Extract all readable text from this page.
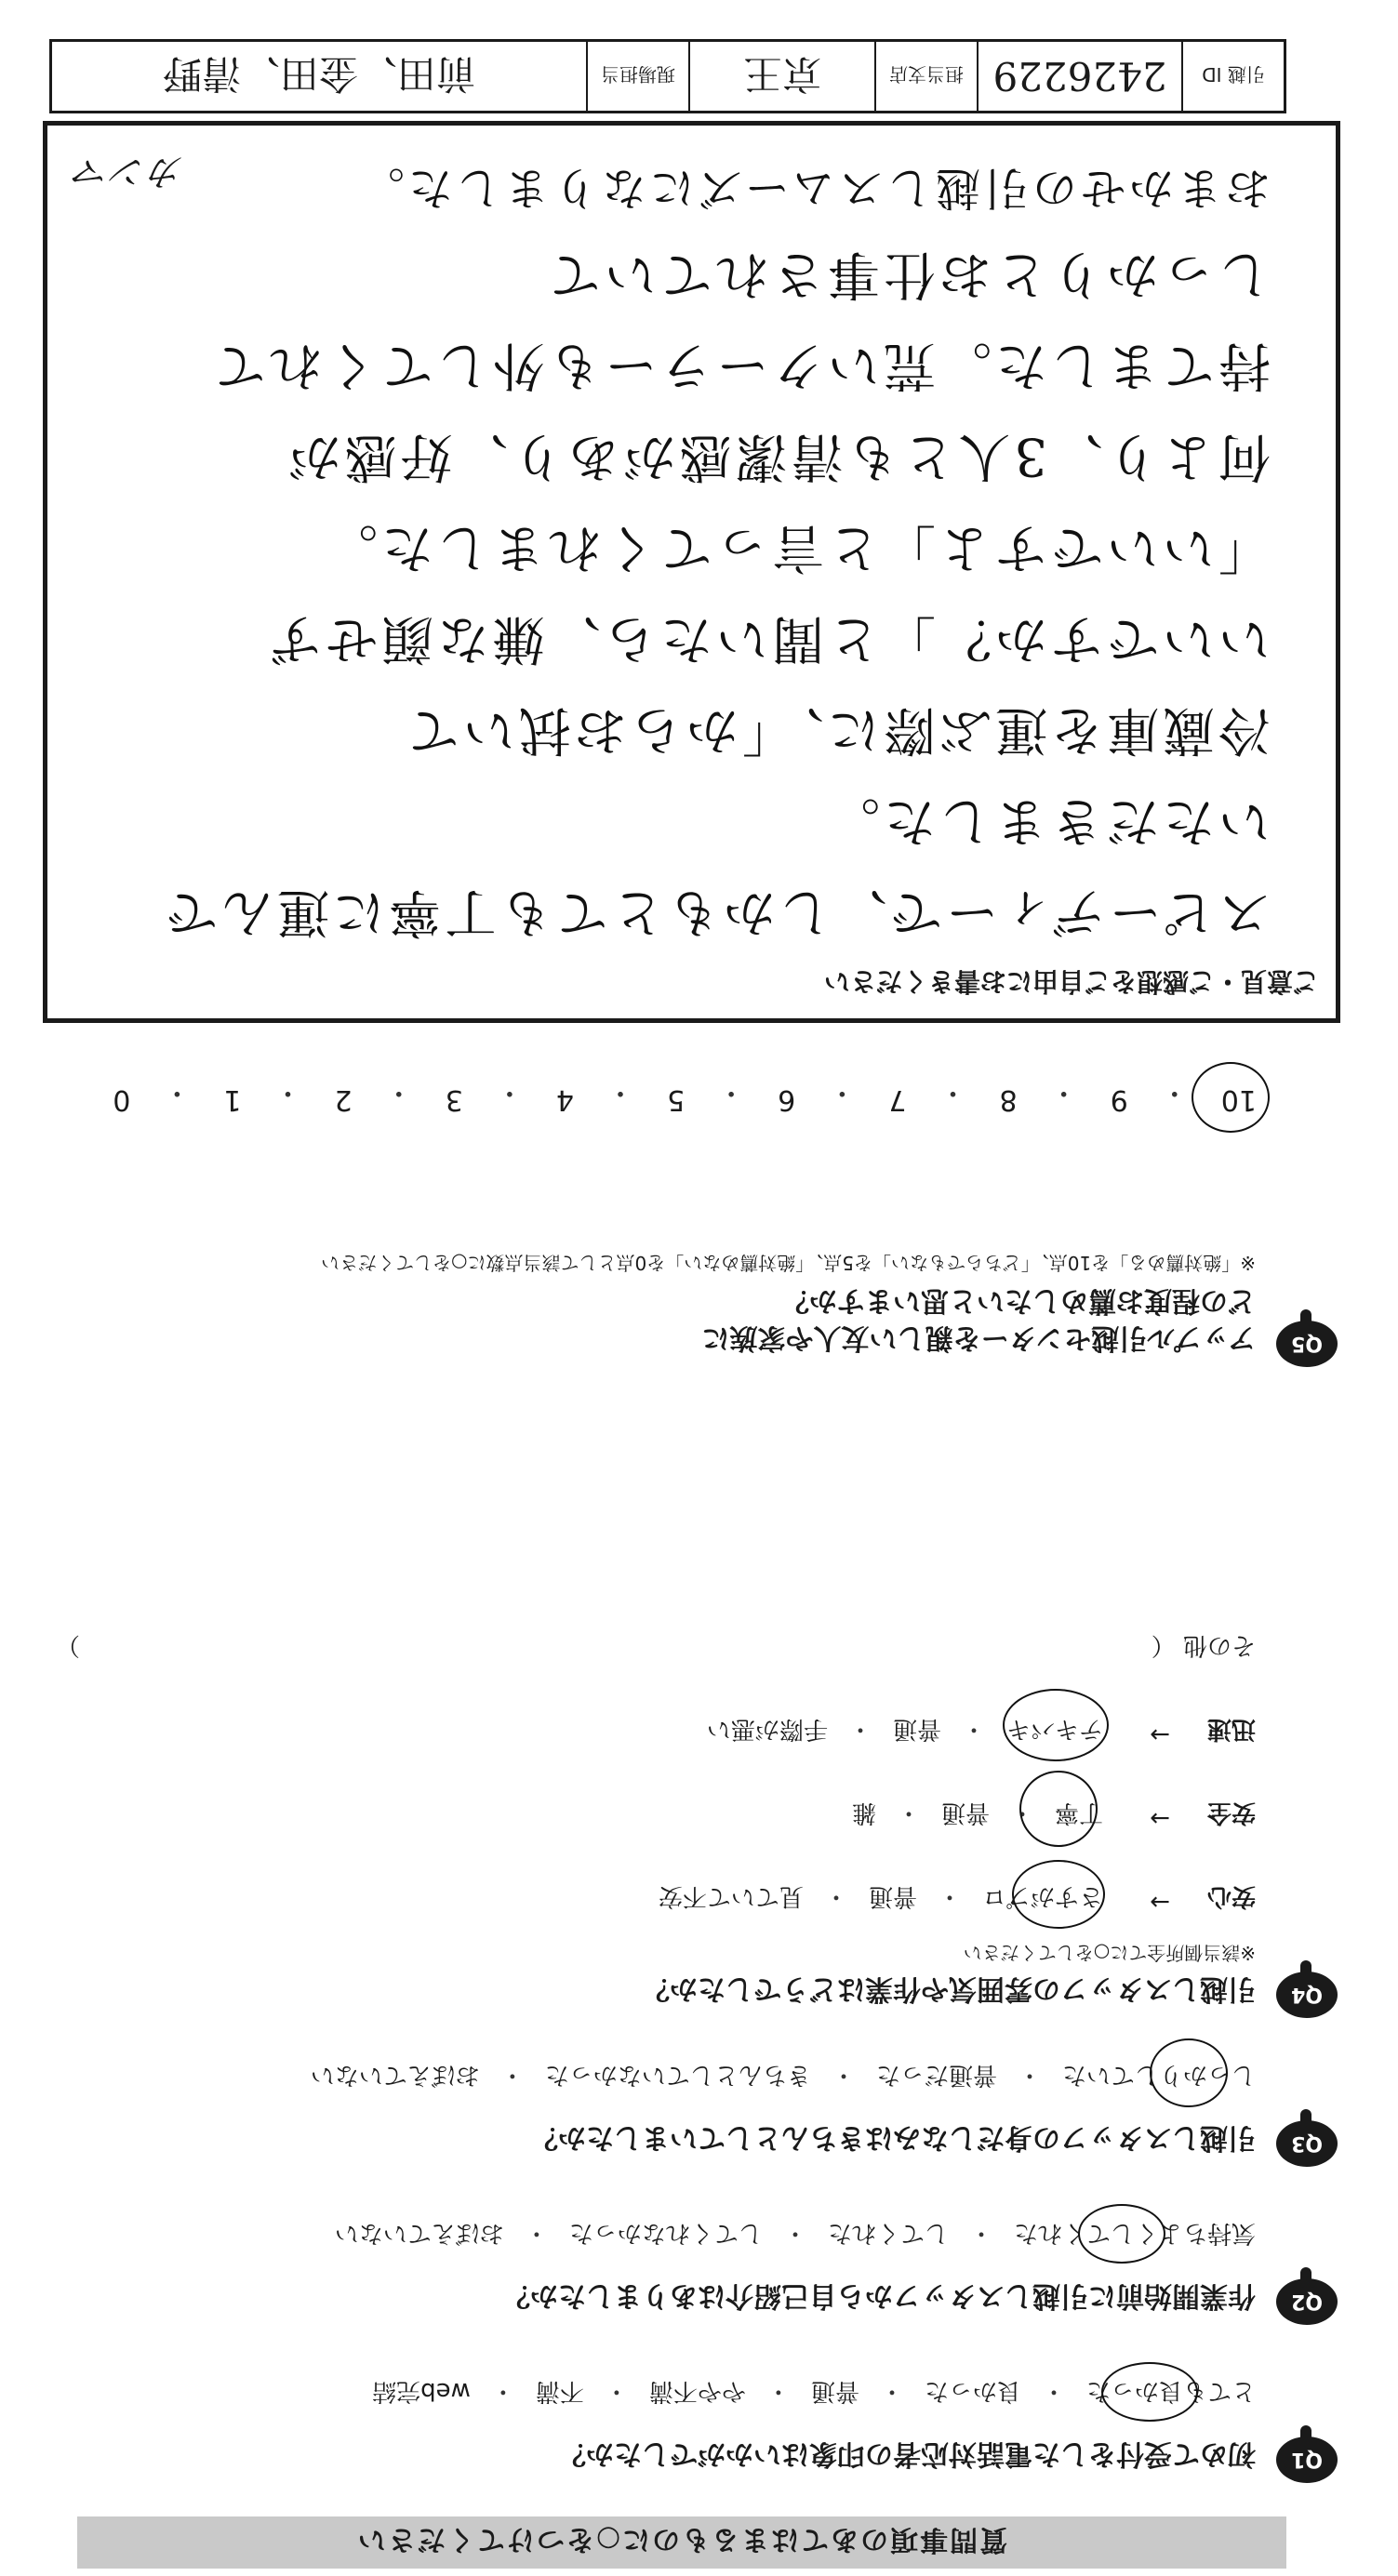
質問事項のあてはまるものに○をつけてください
Q1
初めて受付をした電話対応者の印象はいかがでしたか？
とても良かった
・
良かった
・
普通
・
やや不満
・
不満
・
web完結
Q2
作業開始前に引越しスタッフから自己紹介はありましたか？
気持ちよくしてくれた
・
してくれた
・
してくれなかった
・
おぼえていない
Q3
引越しスタッフの身だしなみはきちんとしていましたか？
しっかりしていた
・
普通だった
・
きちんとしていなかった
・
おぼえていない
Q4
引越しスタッフの雰囲気や作業はどうでしたか？
※該当個所全てに○をしてください
安心
→
さすがプロ
・
普通
・
見ていて不安
安全
→
丁寧
・
普通
・
雑
迅速
→
テキパキ
・
普通
・
手際が悪い
その他 （
）
Q5
アップル引越センターを親しい友人や家族に
どの程度お薦めしたいと思いますか？
※「絶対薦める」を10点、「どちらでもない」を5点、「絶対薦めない」を0点として該当点数に○をしてください
10
・
9
・
8
・
7
・
6
・
5
・
4
・
3
・
2
・
1
・
0
ご意見・ご感想をご自由にお書きください
スピーディーで、しかもとても丁寧に運んで
いただきました。
冷蔵庫を運ぶ際に、「からお拭いて
いいですか？」と聞いたら、嫌な顔せず
「いいですよ」と言ってくれました。
何より、3人とも清潔感があり、好感が
持てました。荒いクーラーも外してくれて
しっかりとお仕事されていて
おまかせの引越しスムーズになりました。
カンマ
引越 ID
2426229
担当支店
京王
現場担当
前田、金田、清野
